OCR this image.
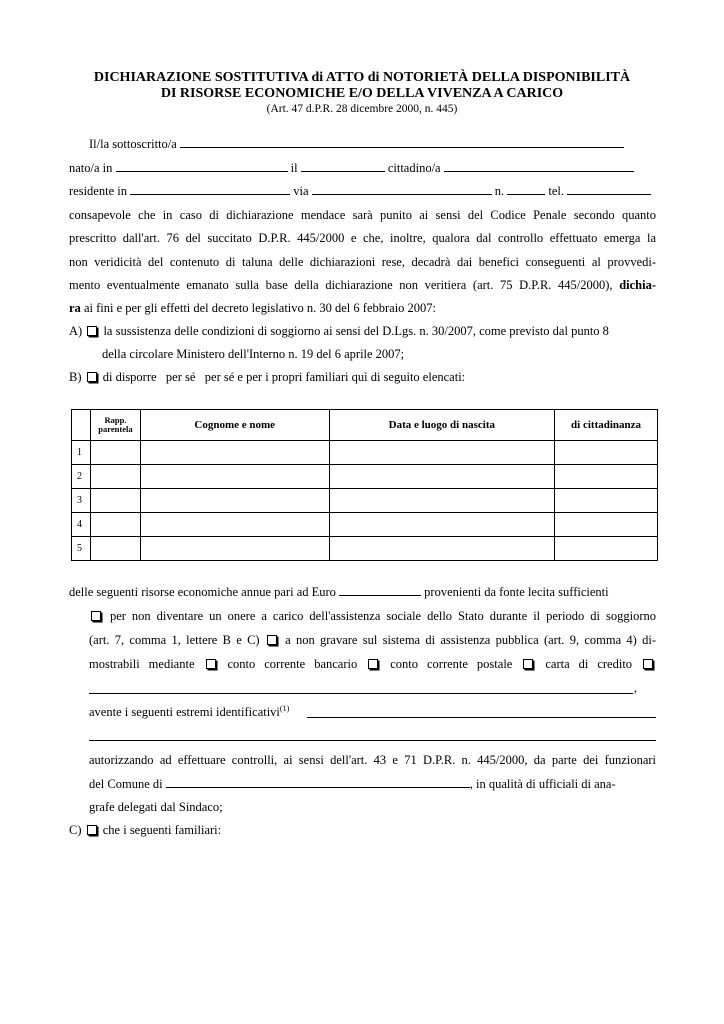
DICHIARAZIONE SOSTITUTIVA di ATTO di NOTORIETÀ DELLA DISPONIBILITÀ
DI RISORSE ECONOMICHE E/O DELLA VIVENZA A CARICO
(Art. 47 d.P.R. 28 dicembre 2000, n. 445)
Il/la sottoscritto/a
nato/a in	il	cittadino/a
residente in	via	n.	tel.
consapevole che in caso di dichiarazione mendace sarà punito ai sensi del Codice Penale secondo quanto
prescritto dall'art. 76 del succitato D.P.R. 445/2000 e che, inoltre, qualora dal controllo effettuato emerga la
non veridicità del contenuto di taluna delle dichiarazioni rese, decadrà dai benefici conseguenti al provvedi-
mento eventualmente emanato sulla base della dichiarazione non veritiera (art. 75 D.P.R. 445/2000), dichia-
ra ai fini e per gli effetti del decreto legislativo n. 30 del 6 febbraio 2007:
A) la sussistenza delle condizioni di soggiorno ai sensi del D.Lgs. n. 30/2007, come previsto dal punto 8
della circolare Ministero dell'Interno n. 19 del 6 aprile 2007;
B) di disporre   per sé   per sé e per i propri familiari quì di seguito elencati:
	Rapp. parentela	Cognome e nome	Data e luogo di nascita	di cittadinanza
1				
2				
3				
4				
5				
delle seguenti risorse economiche annue pari ad Euro	provenienti da fonte lecita sufficienti
per non diventare un onere a carico dell'assistenza sociale dello Stato durante il periodo di soggiorno
(art. 7, comma 1, lettere B e C) a non gravare sul sistema di assistenza pubblica (art. 9, comma 4) di-
mostrabili mediante	conto corrente bancario	conto corrente postale	carta di credito
,
avente i seguenti estremi identificativi$^{(1)}$
autorizzando ad effettuare controlli, ai sensi dell'art. 43 e 71 D.P.R. n. 445/2000, da parte dei funzionari
del Comune di	, in qualità di ufficiali di ana-
grafe delegati dal Sindaco;
C) che i seguenti familiari:
